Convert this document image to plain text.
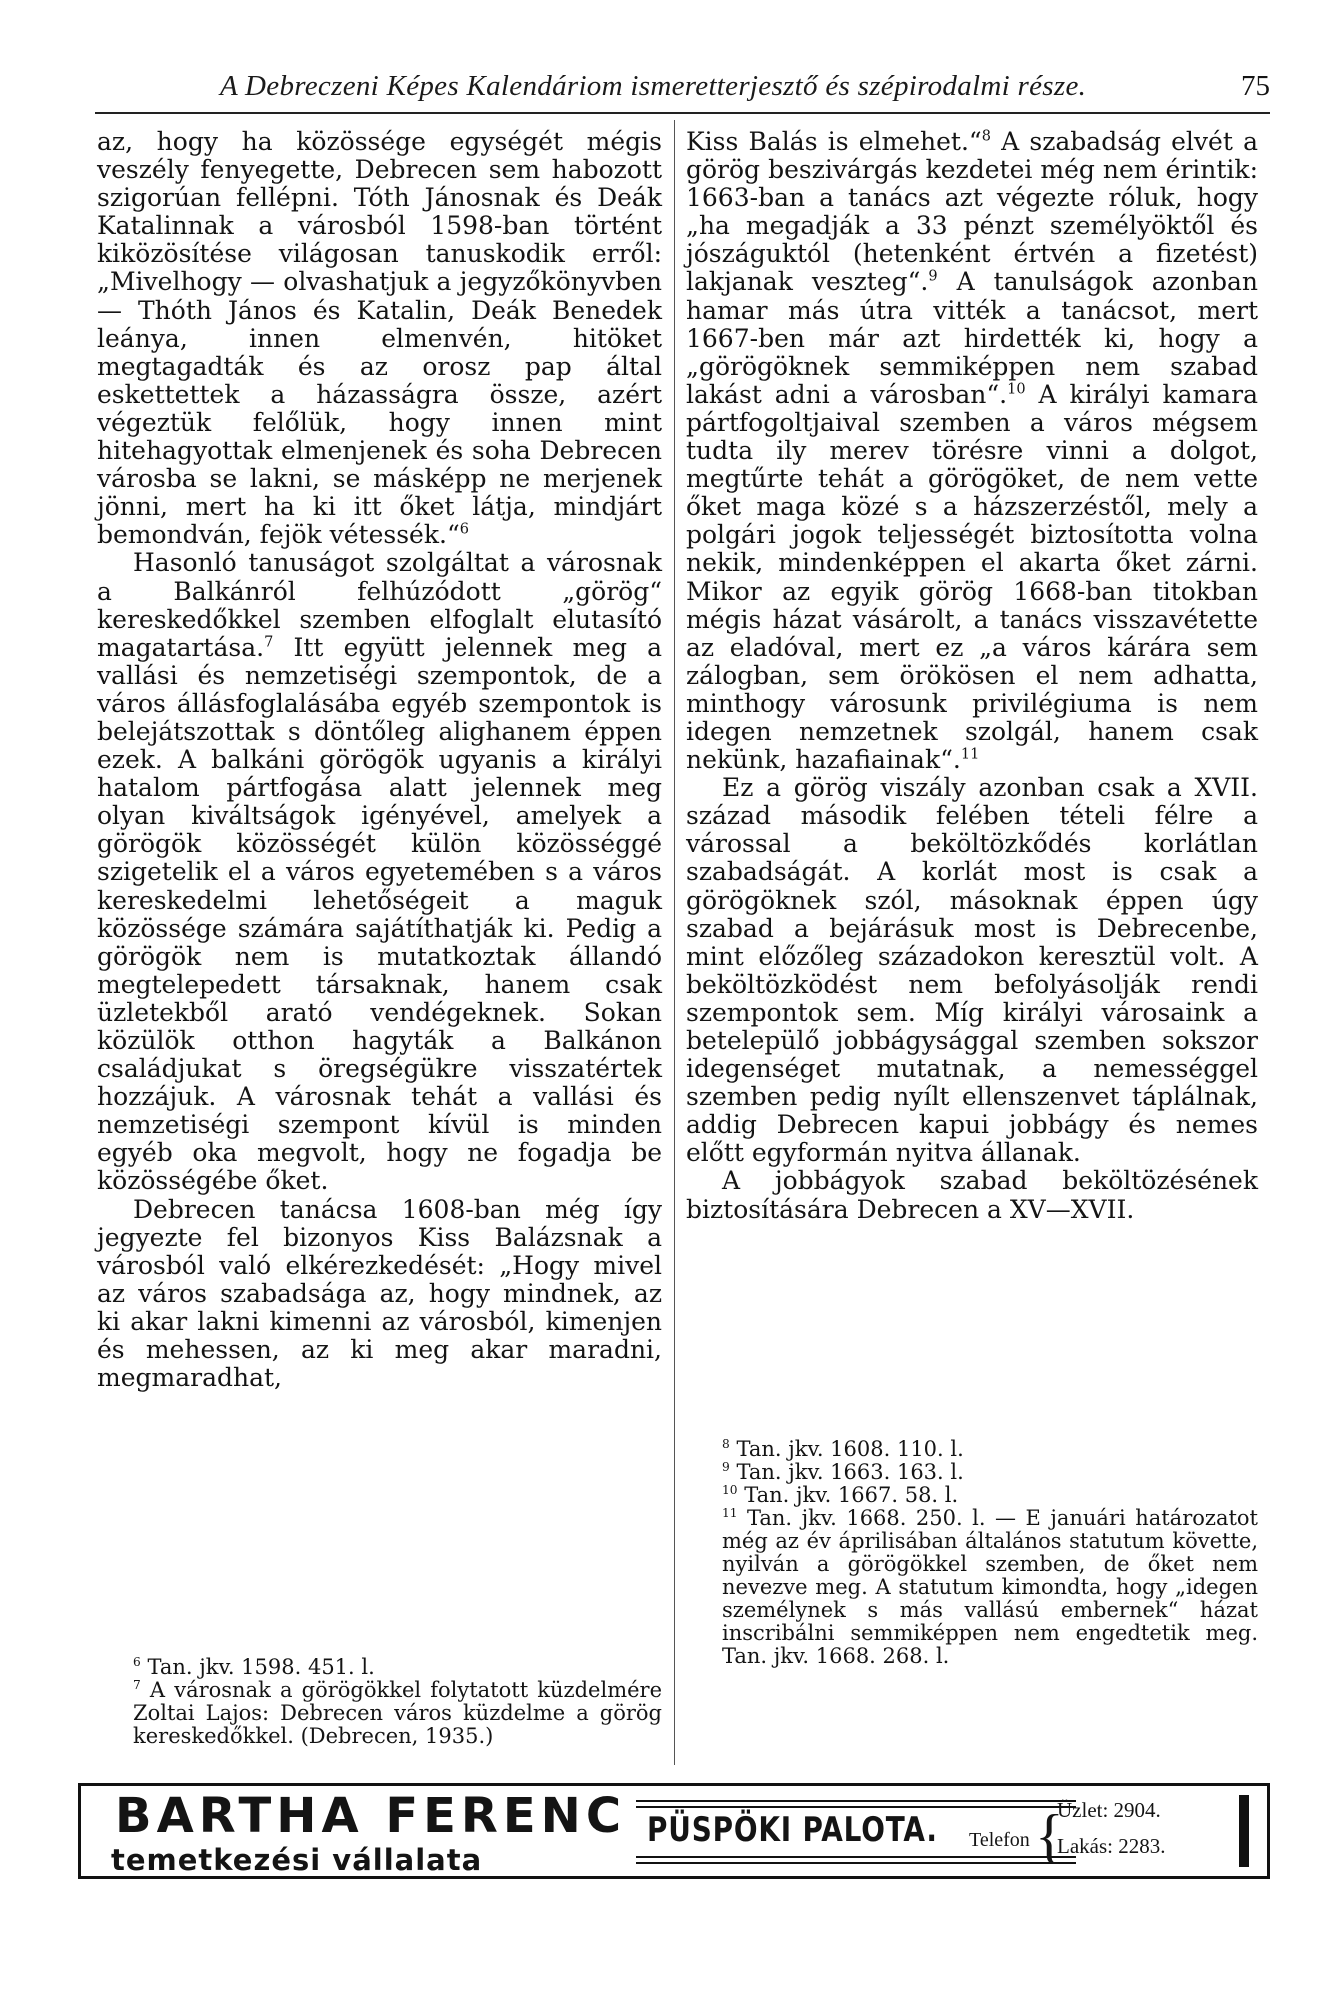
A Debreczeni Képes Kalendáriom ismeretterjesztő és szépirodalmi része.	75

az, hogy ha közössége egységét mégis veszély fenyegette, Debrecen sem habozott szigorúan fellépni. Tóth Jánosnak és Deák Katalinnak a városból 1598-ban történt kiközösítése világosan tanuskodik erről: „Mivelhogy — olvashatjuk a jegyzőkönyvben — Thóth János és Katalin, Deák Benedek leánya, innen elmenvén, hitöket megtagadták és az orosz pap által eskettettek a házasságra össze, azért végeztük felőlük, hogy innen mint hitehagyottak elmenjenek és soha Debrecen városba se lakni, se másképp ne merjenek jönni, mert ha ki itt őket látja, mindjárt bemondván, fejök vétessék.“$^6$

Hasonló tanuságot szolgáltat a városnak a Balkánról felhúzódott „görög“ kereskedőkkel szemben elfoglalt elutasító magatartása.$^7$ Itt együtt jelennek meg a vallási és nemzetiségi szempontok, de a város állásfoglalásába egyéb szempontok is belejátszottak s döntőleg alighanem éppen ezek. A balkáni görögök ugyanis a királyi hatalom pártfogása alatt jelennek meg olyan kiváltságok igényével, amelyek a görögök közösségét külön közösséggé szigetelik el a város egyetemében s a város kereskedelmi lehetőségeit a maguk közössége számára sajátíthatják ki. Pedig a görögök nem is mutatkoztak állandó megtelepedett társaknak, hanem csak üzletekből arató vendégeknek. Sokan közülök otthon hagyták a Balkánon családjukat s öregségükre visszatértek hozzájuk. A városnak tehát a vallási és nemzetiségi szempont kívül is minden egyéb oka megvolt, hogy ne fogadja be közösségébe őket.

Debrecen tanácsa 1608-ban még így jegyezte fel bizonyos Kiss Balázsnak a városból való elkérezkedését: „Hogy mivel az város szabadsága az, hogy mindnek, az ki akar lakni kimenni az városból, kimenjen és mehessen, az ki meg akar maradni, megmaradhat,

$^6$ Tan. jkv. 1598. 451. l.

$^7$ A városnak a görögökkel folytatott küzdelmére Zoltai Lajos: Debrecen város küzdelme a görög kereskedőkkel. (Debrecen, 1935.)

Kiss Balás is elmehet.“$^8$ A szabadság elvét a görög beszivárgás kezdetei még nem érintik: 1663-ban a tanács azt végezte róluk, hogy „ha megadják a 33 pénzt személyöktől és jószáguktól (hetenként értvén a fizetést) lakjanak veszteg“.$^9$ A tanulságok azonban hamar más útra vitték a tanácsot, mert 1667-ben már azt hirdették ki, hogy a „görögöknek semmiképpen nem szabad lakást adni a városban“.$^{10}$ A királyi kamara pártfogoltjaival szemben a város mégsem tudta ily merev törésre vinni a dolgot, megtűrte tehát a görögöket, de nem vette őket maga közé s a házszerzéstől, mely a polgári jogok teljességét biztosította volna nekik, mindenképpen el akarta őket zárni. Mikor az egyik görög 1668-ban titokban mégis házat vásárolt, a tanács visszavétette az eladóval, mert ez „a város kárára sem zálogban, sem örökösen el nem adhatta, minthogy városunk privilégiuma is nem idegen nemzetnek szolgál, hanem csak nekünk, hazafiainak“.$^{11}$

Ez a görög viszály azonban csak a XVII. század második felében tételi félre a várossal a beköltözkődés korlátlan szabadságát. A korlát most is csak a görögöknek szól, másoknak éppen úgy szabad a bejárásuk most is Debrecenbe, mint előzőleg századokon keresztül volt. A beköltözködést nem befolyásolják rendi szempontok sem. Míg királyi városaink a betelepülő jobbágysággal szemben sokszor idegenséget mutatnak, a nemességgel szemben pedig nyílt ellenszenvet táplálnak, addig Debrecen kapui jobbágy és nemes előtt egyformán nyitva állanak.

A jobbágyok szabad beköltözésének biztosítására Debrecen a XV—XVII.

$^8$ Tan. jkv. 1608. 110. l.

$^9$ Tan. jkv. 1663. 163. l.

$^{10}$ Tan. jkv. 1667. 58. l.

$^{11}$ Tan. jkv. 1668. 250. l. — E januári határozatot még az év áprilisában általános statutum követte, nyilván a görögökkel szemben, de őket nem nevezve meg. A statutum kimondta, hogy „idegen személynek s más vallású embernek“ házat inscribálni semmiképpen nem engedtetik meg. Tan. jkv. 1668. 268. l.

BARTHA FERENC
temetkezési vállalata
PÜSPÖKI PALOTA. Telefon {
Üzlet: 2904.
Lakás: 2283.
